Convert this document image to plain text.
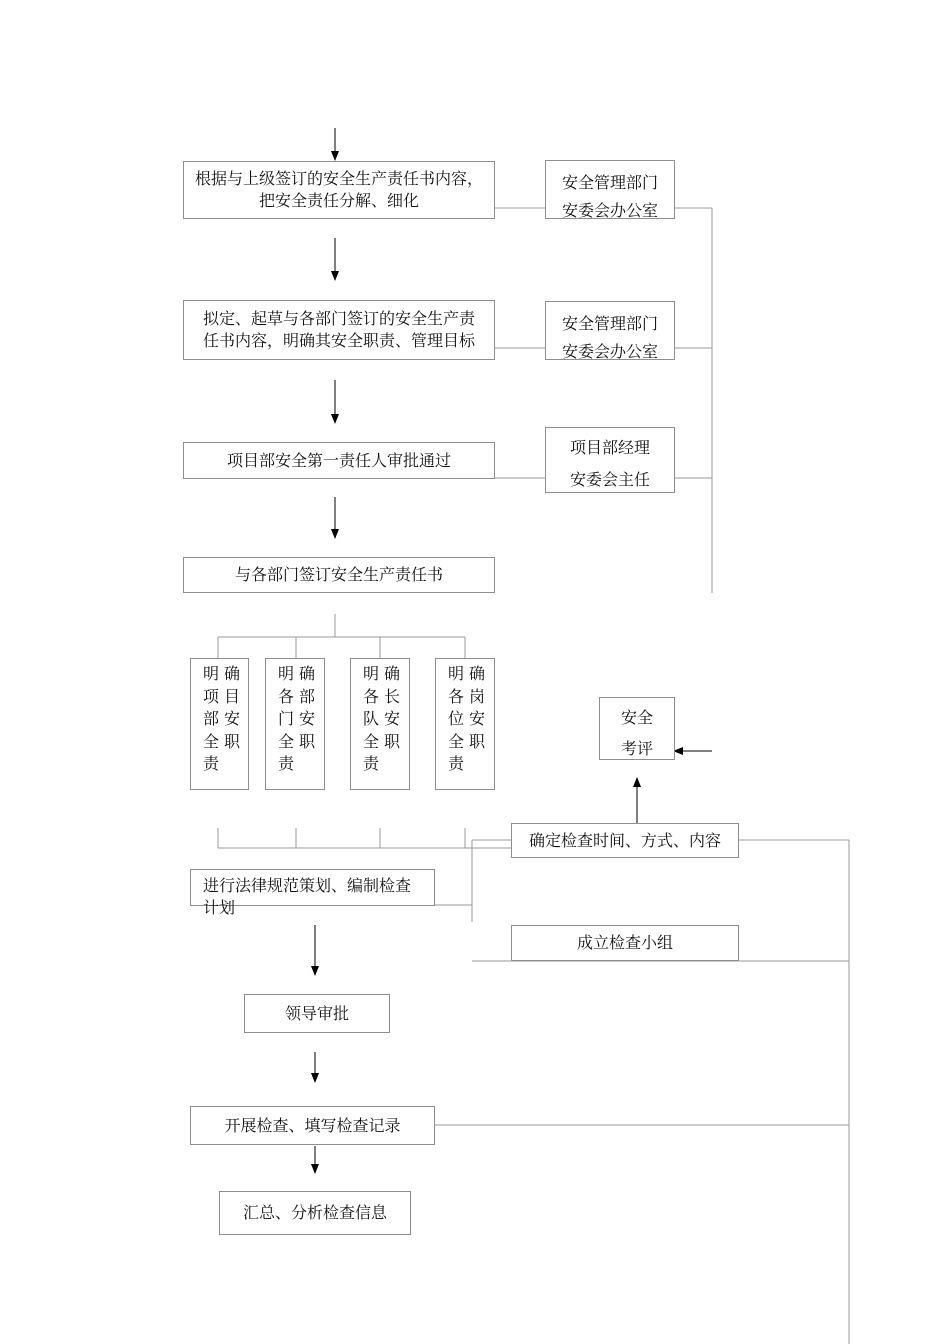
根据与上级签订的安全生产责任书内容，
把安全责任分解、细化
拟定、起草与各部门签订的安全生产责
任书内容，明确其安全职责、管理目标
项目部安全第一责任人审批通过
与各部门签订安全生产责任书
明确
项目
部安
全职
责
明确
各部
门安
全职
责
明确
各长
队安
全职
责
明确
各岗
位安
全职
责
进行法律规范策划、编制检查
计划
领导审批
开展检查、填写检查记录
汇总、分析检查信息
安全管理部门
安委会办公室
安全管理部门
安委会办公室
项目部经理
安委会主任
安全
考评
确定检查时间、方式、内容
成立检查小组
